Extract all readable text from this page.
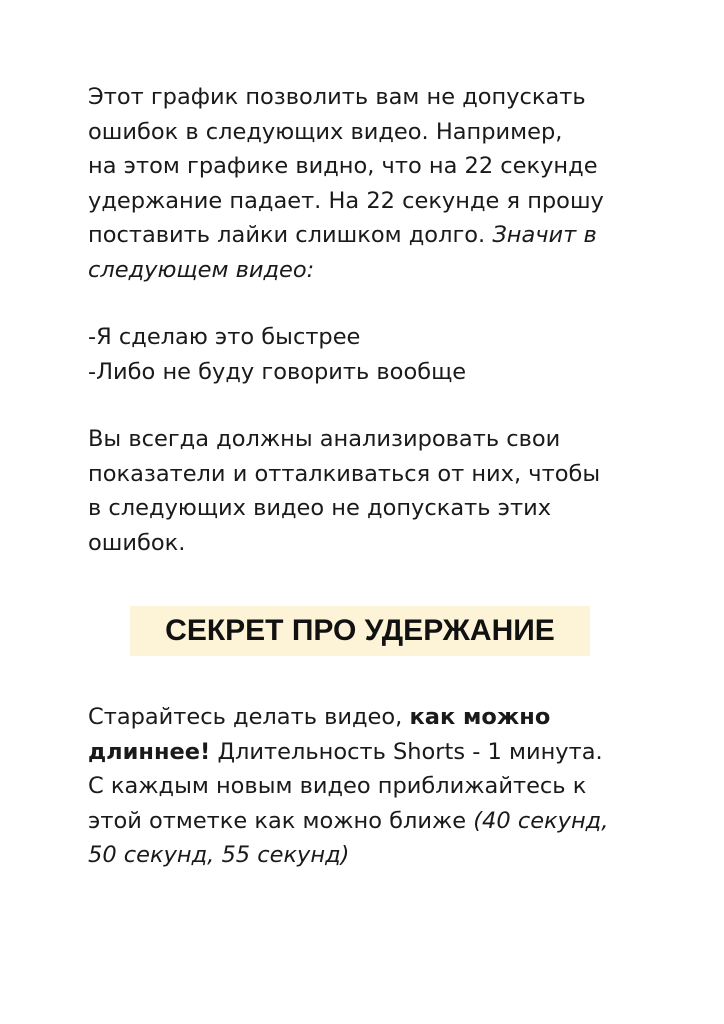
Этот график позволить вам не допускать

ошибок в следующих видео. Например,

на этом графике видно, что на 22 секунде

удержание падает. На 22 секунде я прошу

поставить лайки слишком долго. Значит в

следующем видео:

-Я сделаю это быстрее

-Либо не буду говорить вообще

Вы всегда должны анализировать свои

показатели и отталкиваться от них, чтобы

в следующих видео не допускать этих

ошибок.

СЕКРЕТ ПРО УДЕРЖАНИЕ

Старайтесь делать видео, как можно

длиннее! Длительность Shorts - 1 минута.

С каждым новым видео приближайтесь к

этой отметке как можно ближе (40 секунд,

50 секунд, 55 секунд)
